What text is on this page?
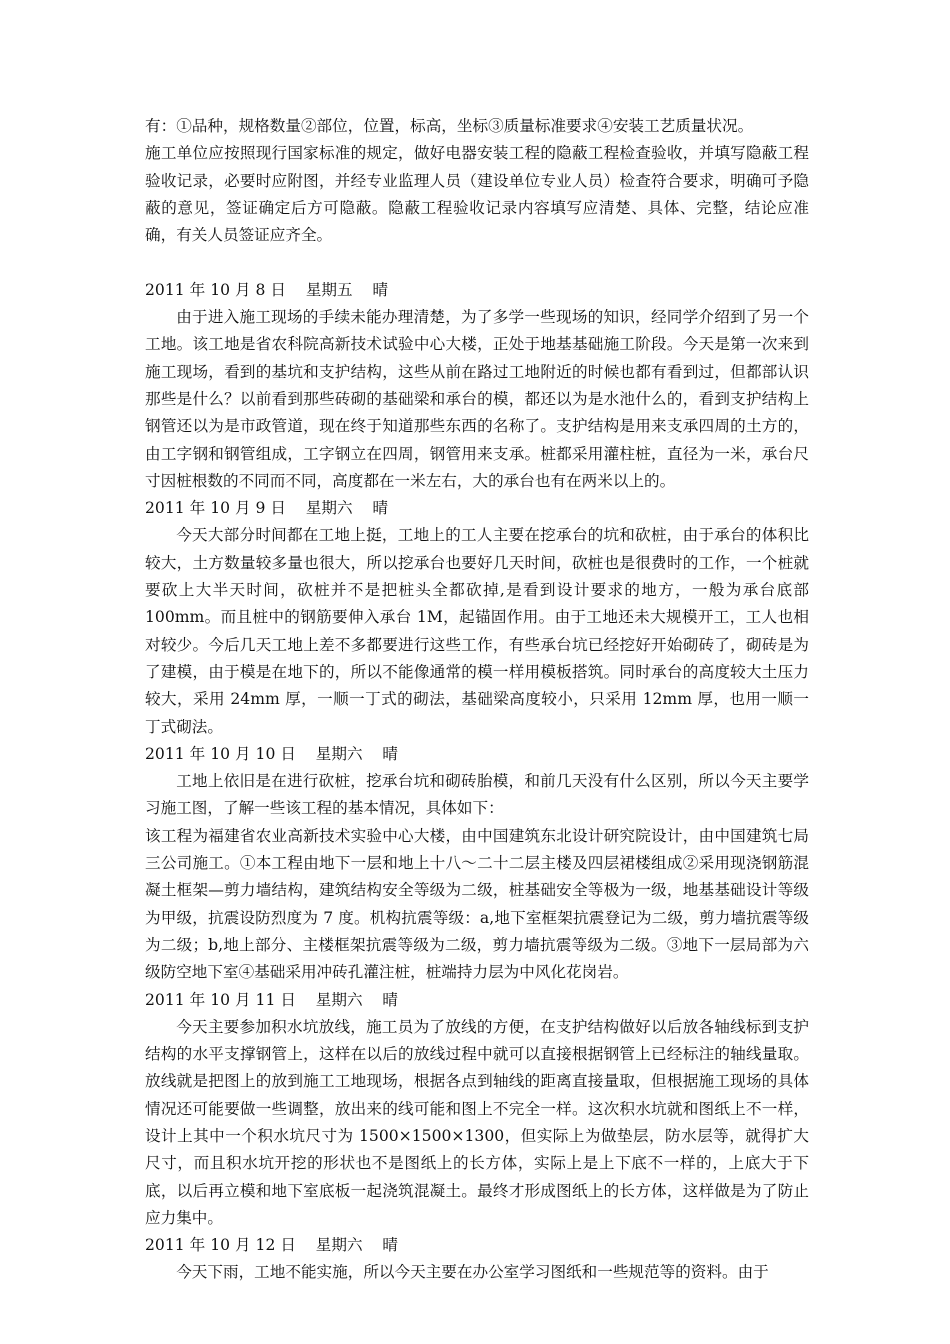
有：①品种，规格数量②部位，位置，标高，坐标③质量标准要求④安装工艺质量状况。

施工单位应按照现行国家标准的规定，做好电器安装工程的隐蔽工程检查验收，并填写隐蔽工程验收记录，必要时应附图，并经专业监理人员（建设单位专业人员）检查符合要求，明确可予隐蔽的意见，签证确定后方可隐蔽。隐蔽工程验收记录内容填写应清楚、具体、完整，结论应准确，有关人员签证应齐全。

2011 年 10 月 8 日    星期五    晴

由于进入施工现场的手续未能办理清楚，为了多学一些现场的知识，经同学介绍到了另一个工地。该工地是省农科院高新技术试验中心大楼，正处于地基基础施工阶段。今天是第一次来到施工现场，看到的基坑和支护结构，这些从前在路过工地附近的时候也都有看到过，但都部认识那些是什么？以前看到那些砖砌的基础梁和承台的模，都还以为是水池什么的，看到支护结构上钢管还以为是市政管道，现在终于知道那些东西的名称了。支护结构是用来支承四周的土方的，由工字钢和钢管组成，工字钢立在四周，钢管用来支承。桩都采用灌柱桩，直径为一米，承台尺寸因桩根数的不同而不同，高度都在一米左右，大的承台也有在两米以上的。

2011 年 10 月 9 日    星期六    晴

今天大部分时间都在工地上挺，工地上的工人主要在挖承台的坑和砍桩，由于承台的体积比较大，土方数量较多量也很大，所以挖承台也要好几天时间，砍桩也是很费时的工作，一个桩就要砍上大半天时间，砍桩并不是把桩头全都砍掉,是看到设计要求的地方，一般为承台底部 100mm。而且桩中的钢筋要伸入承台 1M，起锚固作用。由于工地还未大规模开工，工人也相对较少。今后几天工地上差不多都要进行这些工作，有些承台坑已经挖好开始砌砖了，砌砖是为了建模，由于模是在地下的，所以不能像通常的模一样用模板搭筑。同时承台的高度较大土压力较大，采用 24mm 厚，一顺一丁式的砌法，基础梁高度较小，只采用 12mm 厚，也用一顺一丁式砌法。

2011 年 10 月 10 日    星期六    晴

工地上依旧是在进行砍桩，挖承台坑和砌砖胎模，和前几天没有什么区别，所以今天主要学习施工图，了解一些该工程的基本情况，具体如下：

该工程为福建省农业高新技术实验中心大楼，由中国建筑东北设计研究院设计，由中国建筑七局三公司施工。①本工程由地下一层和地上十八～二十二层主楼及四层裙楼组成②采用现浇钢筋混凝土框架—剪力墙结构，建筑结构安全等级为二级，桩基础安全等极为一级，地基基础设计等级为甲级，抗震设防烈度为 7 度。机构抗震等级：a,地下室框架抗震登记为二级，剪力墙抗震等级为二级；b,地上部分、主楼框架抗震等级为二级，剪力墙抗震等级为二级。③地下一层局部为六级防空地下室④基础采用冲砖孔灌注桩，桩端持力层为中风化花岗岩。

2011 年 10 月 11 日    星期六    晴

今天主要参加积水坑放线，施工员为了放线的方便，在支护结构做好以后放各轴线标到支护结构的水平支撑钢管上，这样在以后的放线过程中就可以直接根据钢管上已经标注的轴线量取。放线就是把图上的放到施工工地现场，根据各点到轴线的距离直接量取，但根据施工现场的具体情况还可能要做一些调整，放出来的线可能和图上不完全一样。这次积水坑就和图纸上不一样，设计上其中一个积水坑尺寸为 1500×1500×1300，但实际上为做垫层，防水层等，就得扩大尺寸，而且积水坑开挖的形状也不是图纸上的长方体，实际上是上下底不一样的，上底大于下底，以后再立模和地下室底板一起浇筑混凝土。最终才形成图纸上的长方体，这样做是为了防止应力集中。

2011 年 10 月 12 日    星期六    晴

今天下雨，工地不能实施，所以今天主要在办公室学习图纸和一些规范等的资料。由于
